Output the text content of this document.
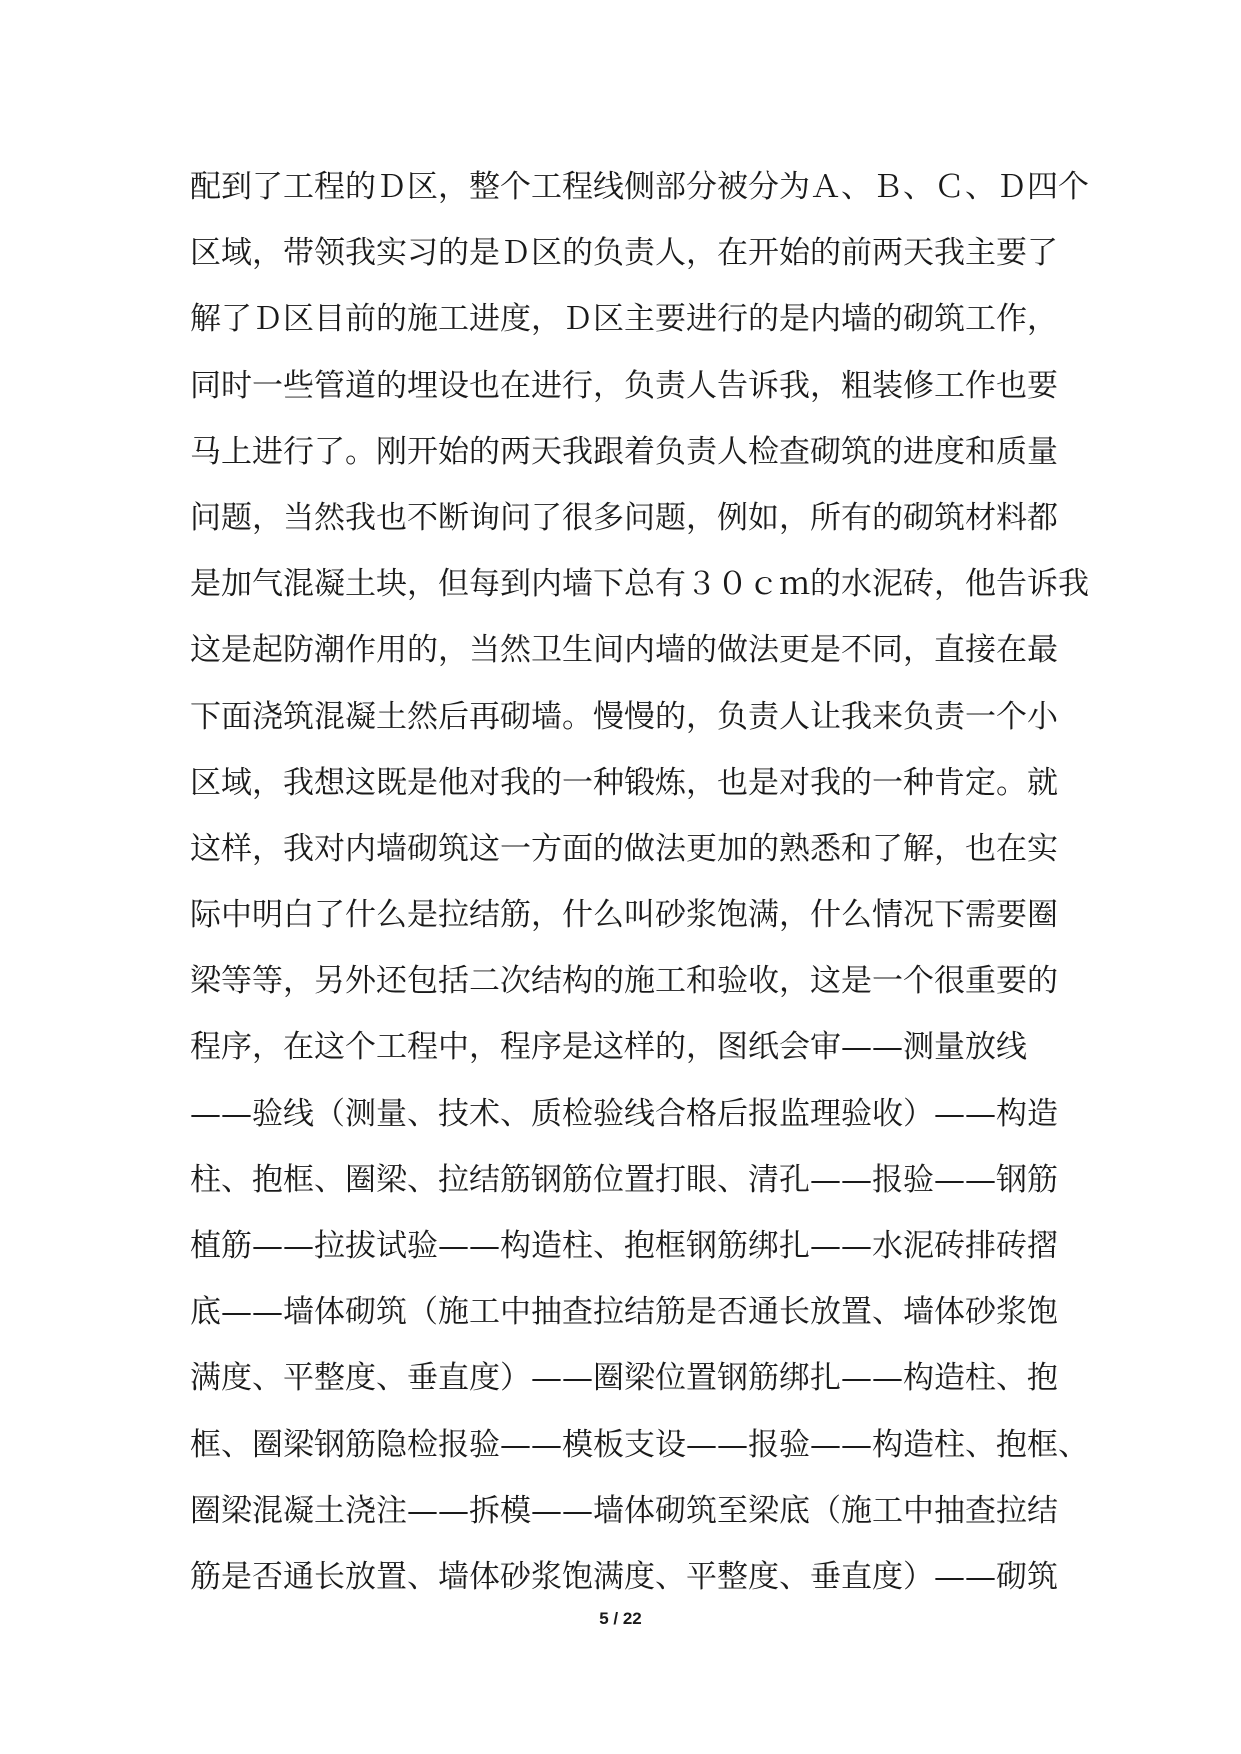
配到了工程的Ｄ区，整个工程线侧部分被分为Ａ、Ｂ、Ｃ、Ｄ四个
区域，带领我实习的是Ｄ区的负责人，在开始的前两天我主要了
解了Ｄ区目前的施工进度，Ｄ区主要进行的是内墙的砌筑工作，
同时一些管道的埋设也在进行，负责人告诉我，粗装修工作也要
马上进行了。刚开始的两天我跟着负责人检查砌筑的进度和质量
问题，当然我也不断询问了很多问题，例如，所有的砌筑材料都
是加气混凝土块，但每到内墙下总有３０ｃｍ的水泥砖，他告诉我
这是起防潮作用的，当然卫生间内墙的做法更是不同，直接在最
下面浇筑混凝土然后再砌墙。慢慢的，负责人让我来负责一个小
区域，我想这既是他对我的一种锻炼，也是对我的一种肯定。就
这样，我对内墙砌筑这一方面的做法更加的熟悉和了解，也在实
际中明白了什么是拉结筋，什么叫砂浆饱满，什么情况下需要圈
梁等等，另外还包括二次结构的施工和验收，这是一个很重要的
程序，在这个工程中，程序是这样的，图纸会审——测量放线
——验线（测量、技术、质检验线合格后报监理验收）——构造
柱、抱框、圈梁、拉结筋钢筋位置打眼、清孔——报验——钢筋
植筋——拉拔试验——构造柱、抱框钢筋绑扎——水泥砖排砖摺
底——墙体砌筑（施工中抽查拉结筋是否通长放置、墙体砂浆饱
满度、平整度、垂直度）——圈梁位置钢筋绑扎——构造柱、抱
框、圈梁钢筋隐检报验——模板支设——报验——构造柱、抱框、
圈梁混凝土浇注——拆模——墙体砌筑至梁底（施工中抽查拉结
筋是否通长放置、墙体砂浆饱满度、平整度、垂直度）——砌筑
5 / 22
